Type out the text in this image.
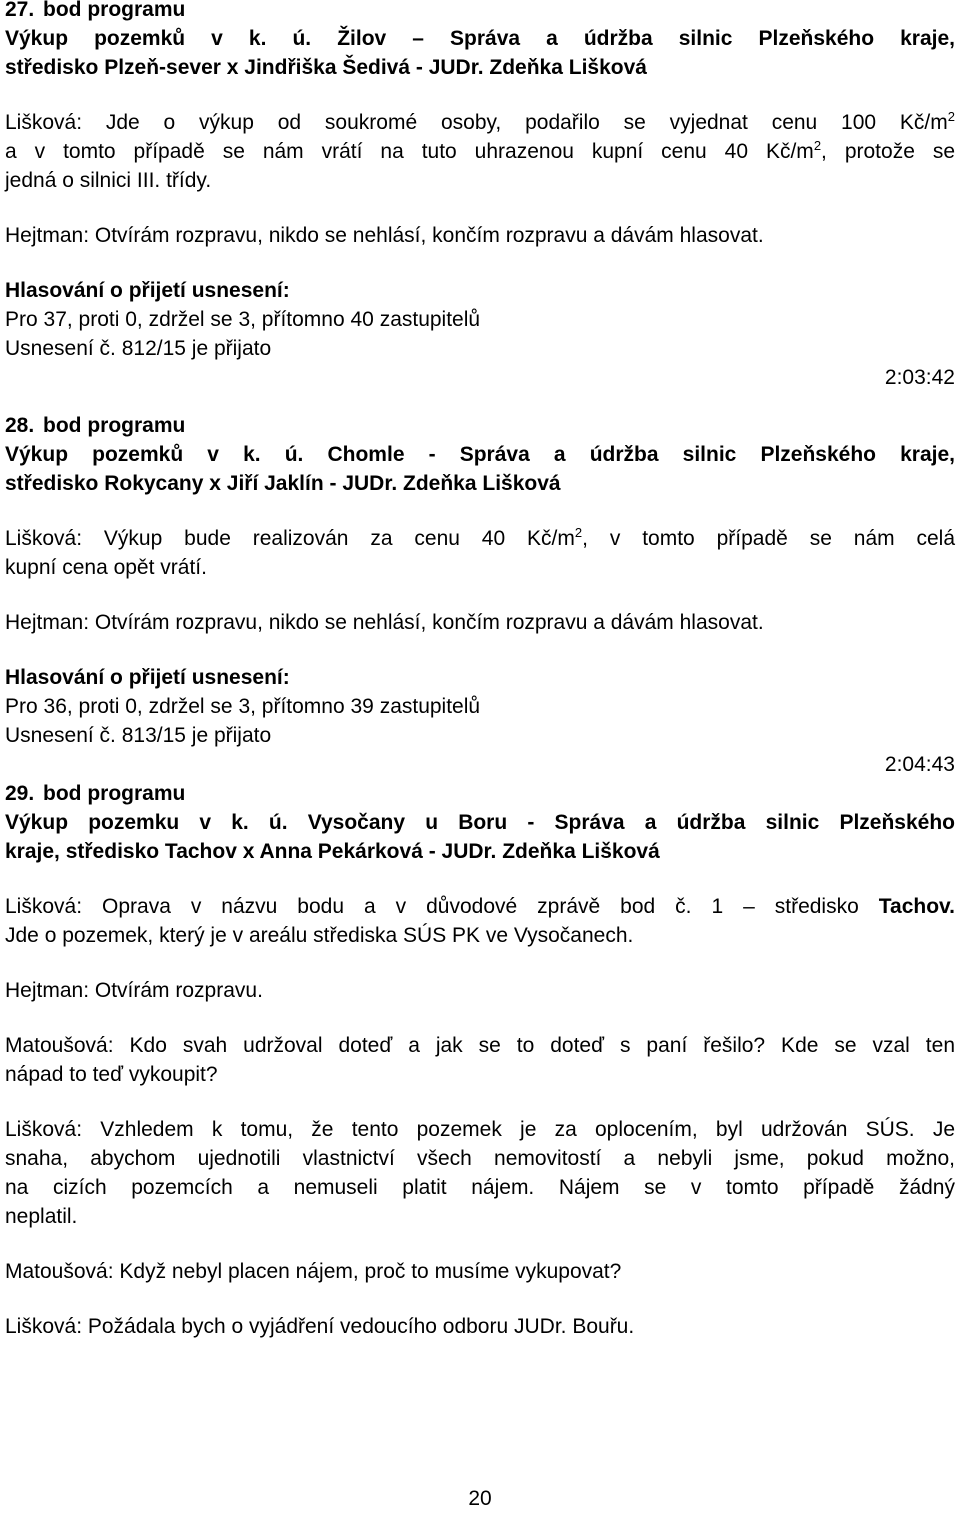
27. bod programu
Výkup pozemků v k. ú. Žilov – Správa a údržba silnic Plzeňského kraje,
středisko Plzeň-sever x Jindřiška Šedivá - JUDr. Zdeňka Lišková
Lišková: Jde o výkup od soukromé osoby, podařilo se vyjednat cenu 100 $Kč/m^2$
a v tomto případě se nám vrátí na tuto uhrazenou kupní cenu 40 $Kč/m^2$, protože se
jedná o silnici III. třídy.
Hejtman: Otvírám rozpravu, nikdo se nehlásí, končím rozpravu a dávám hlasovat.
Hlasování o přijetí usnesení:
Pro 37, proti 0, zdržel se 3, přítomno 40 zastupitelů
Usnesení č. 812/15 je přijato
2:03:42
28. bod programu
Výkup pozemků v k. ú. Chomle - Správa a údržba silnic Plzeňského kraje,
středisko Rokycany x Jiří Jaklín - JUDr. Zdeňka Lišková
Lišková: Výkup bude realizován za cenu 40 $Kč/m^2$, v tomto případě se nám celá
kupní cena opět vrátí.
Hejtman: Otvírám rozpravu, nikdo se nehlásí, končím rozpravu a dávám hlasovat.
Hlasování o přijetí usnesení:
Pro 36, proti 0, zdržel se 3, přítomno 39 zastupitelů
Usnesení č. 813/15 je přijato
2:04:43
29. bod programu
Výkup pozemku v k. ú. Vysočany u Boru - Správa a údržba silnic Plzeňského
kraje, středisko Tachov x Anna Pekárková - JUDr. Zdeňka Lišková
Lišková: Oprava v názvu bodu a v důvodové zprávě bod č. 1 – středisko Tachov.
Jde o pozemek, který je v areálu střediska SÚS PK ve Vysočanech.
Hejtman: Otvírám rozpravu.
Matoušová: Kdo svah udržoval doteď a jak se to doteď s paní řešilo? Kde se vzal ten
nápad to teď vykoupit?
Lišková: Vzhledem k tomu, že tento pozemek je za oplocením, byl udržován SÚS. Je
snaha, abychom ujednotili vlastnictví všech nemovitostí a nebyli jsme, pokud možno,
na cizích pozemcích a nemuseli platit nájem. Nájem se v tomto případě žádný
neplatil.
Matoušová: Když nebyl placen nájem, proč to musíme vykupovat?
Lišková: Požádala bych o vyjádření vedoucího odboru JUDr. Bouřu.
20
